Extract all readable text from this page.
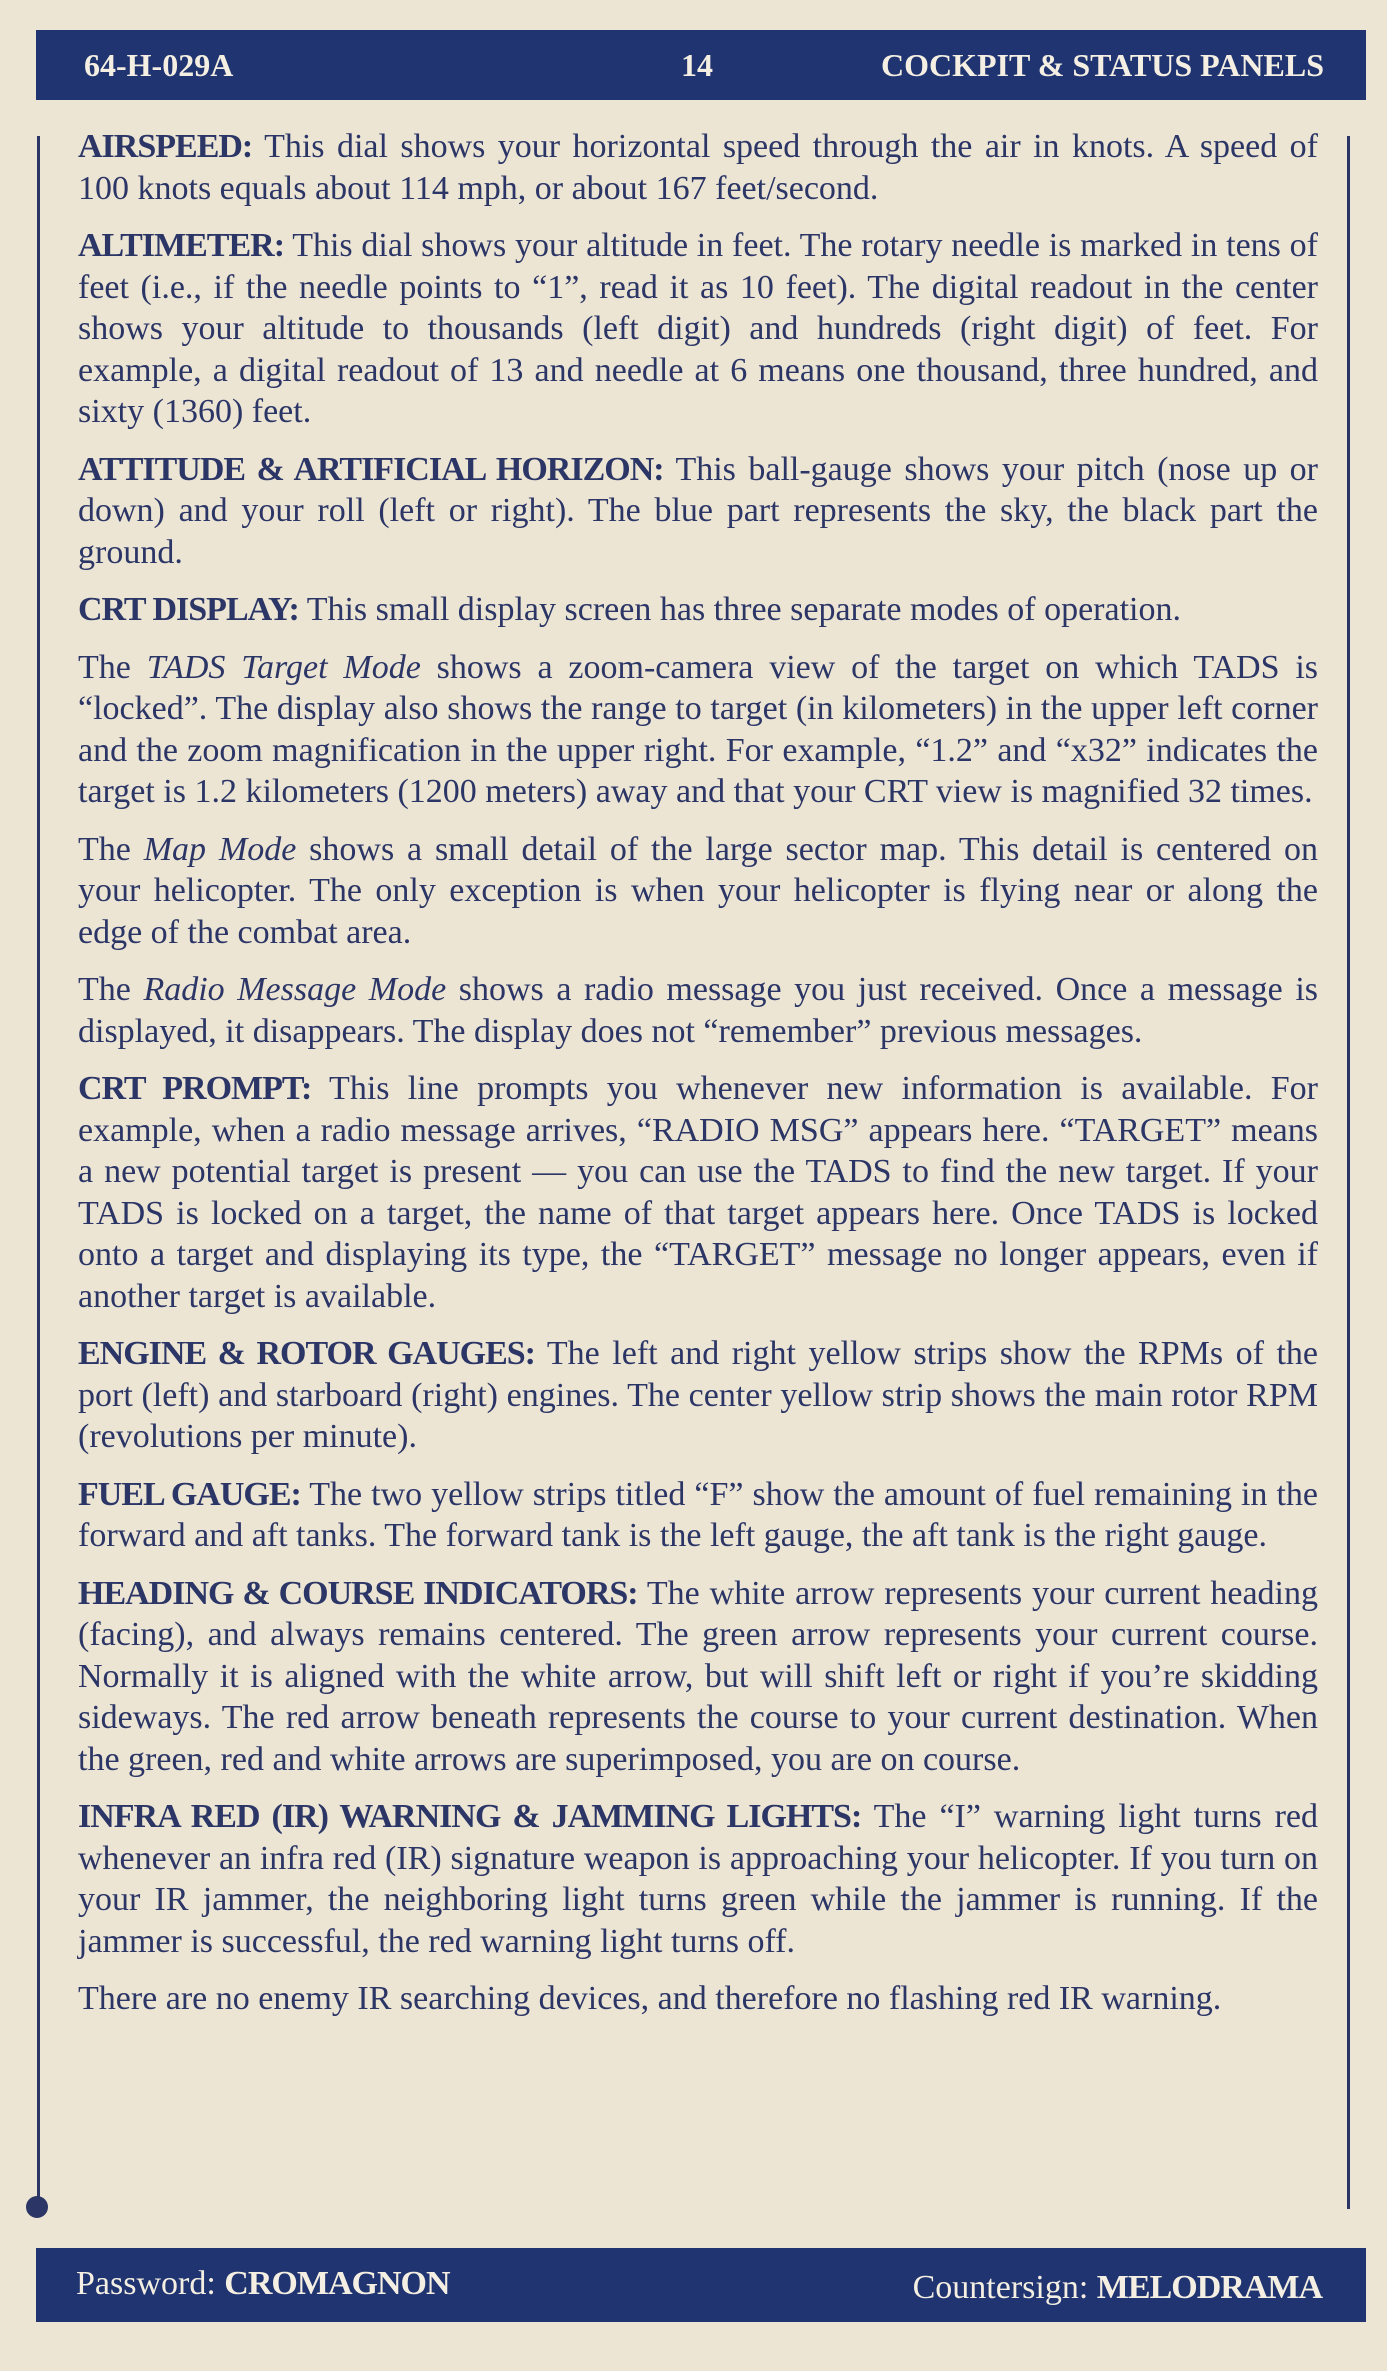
64-H-029A	14	COCKPIT & STATUS PANELS

AIRSPEED: This dial shows your horizontal speed through the air in knots. A speed of 100 knots equals about 114 mph, or about 167 feet/second.

ALTIMETER: This dial shows your altitude in feet. The rotary needle is marked in tens of feet (i.e., if the needle points to “1”, read it as 10 feet). The digital readout in the center shows your altitude to thousands (left digit) and hundreds (right digit) of feet. For example, a digital readout of 13 and needle at 6 means one thousand, three hundred, and sixty (1360) feet.

ATTITUDE & ARTIFICIAL HORIZON: This ball-gauge shows your pitch (nose up or down) and your roll (left or right). The blue part represents the sky, the black part the ground.

CRT DISPLAY: This small display screen has three separate modes of operation.

The TADS Target Mode shows a zoom-camera view of the target on which TADS is “locked”. The display also shows the range to target (in kilometers) in the upper left corner and the zoom magnification in the upper right. For example, “1.2” and “x32” indicates the target is 1.2 kilometers (1200 meters) away and that your CRT view is magnified 32 times.

The Map Mode shows a small detail of the large sector map. This detail is centered on your helicopter. The only exception is when your helicopter is flying near or along the edge of the combat area.

The Radio Message Mode shows a radio message you just received. Once a message is displayed, it disappears. The display does not “remember” previous messages.

CRT PROMPT: This line prompts you whenever new information is available. For example, when a radio message arrives, “RADIO MSG” appears here. “TARGET” means a new potential target is present — you can use the TADS to find the new target. If your TADS is locked on a target, the name of that target appears here. Once TADS is locked onto a target and displaying its type, the “TARGET” message no longer appears, even if another target is available.

ENGINE & ROTOR GAUGES: The left and right yellow strips show the RPMs of the port (left) and starboard (right) engines. The center yellow strip shows the main rotor RPM (revolutions per minute).

FUEL GAUGE: The two yellow strips titled “F” show the amount of fuel remaining in the forward and aft tanks. The forward tank is the left gauge, the aft tank is the right gauge.

HEADING & COURSE INDICATORS: The white arrow represents your current heading (facing), and always remains centered. The green arrow represents your current course. Normally it is aligned with the white arrow, but will shift left or right if you’re skidding sideways. The red arrow beneath represents the course to your current destination. When the green, red and white arrows are superimposed, you are on course.

INFRA RED (IR) WARNING & JAMMING LIGHTS: The “I” warning light turns red whenever an infra red (IR) signature weapon is approaching your helicopter. If you turn on your IR jammer, the neighboring light turns green while the jammer is running. If the jammer is successful, the red warning light turns off.

There are no enemy IR searching devices, and therefore no flashing red IR warning.

Password: CROMAGNON	Countersign: MELODRAMA
